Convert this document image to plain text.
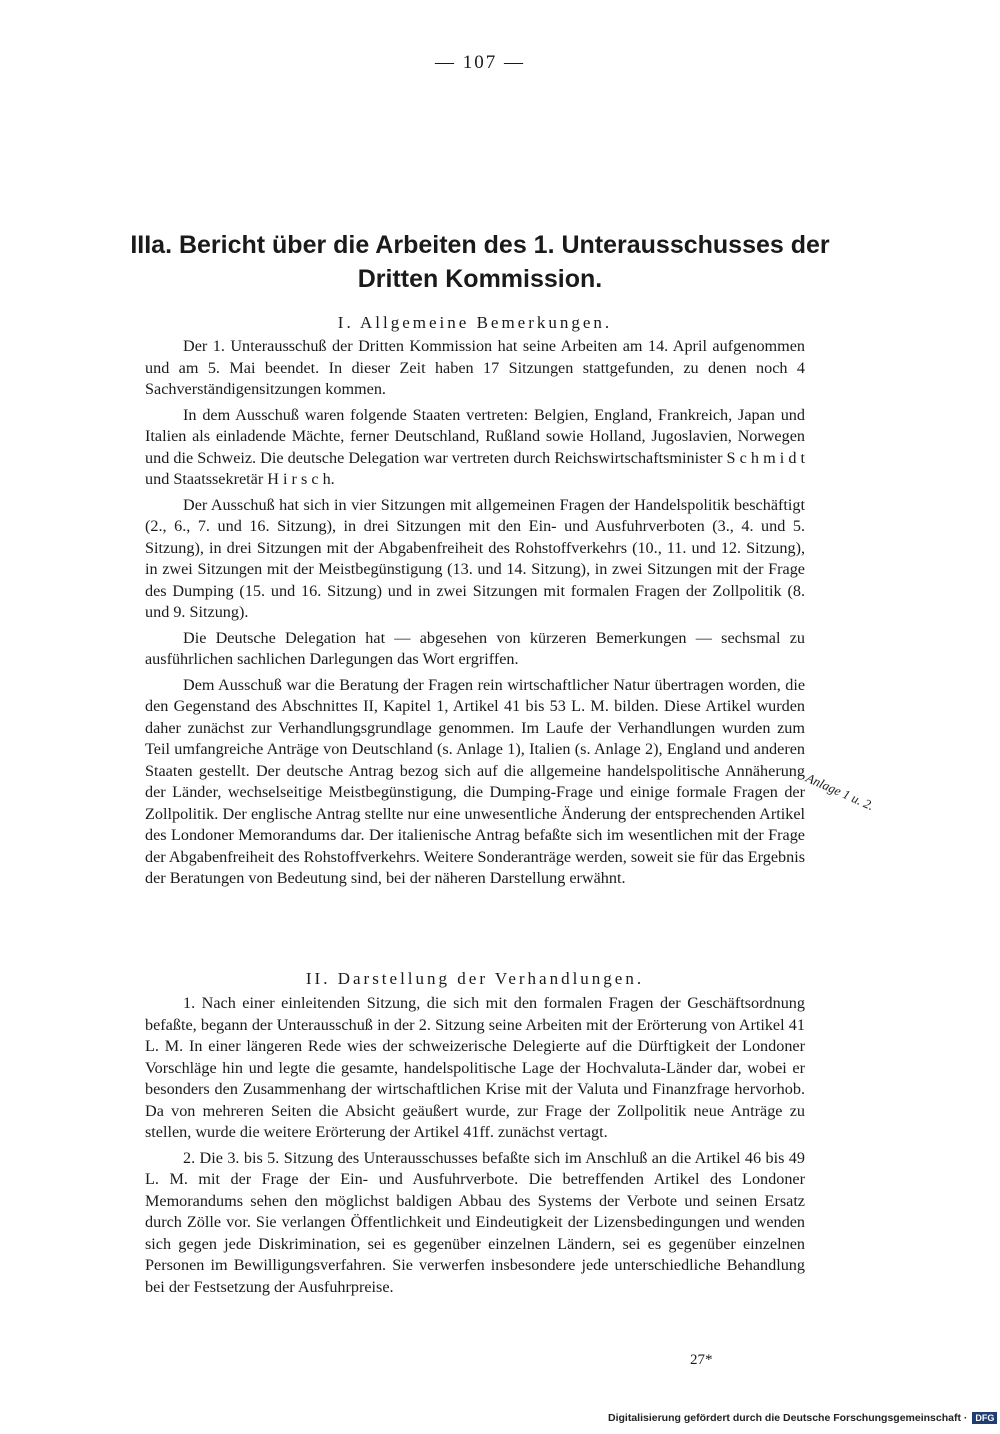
— 107 —
IIIa. Bericht über die Arbeiten des 1. Unterausschusses der
Dritten Kommission.
I. Allgemeine Bemerkungen.

Der 1. Unterausschuß der Dritten Kommission hat seine Arbeiten am 14. April aufgenommen und am 5. Mai beendet. In dieser Zeit haben 17 Sitzungen stattgefunden, zu denen noch 4 Sachverständigensitzungen kommen.

In dem Ausschuß waren folgende Staaten vertreten: Belgien, England, Frankreich, Japan und Italien als einladende Mächte, ferner Deutschland, Rußland sowie Holland, Jugoslavien, Norwegen und die Schweiz. Die deutsche Delegation war vertreten durch Reichswirtschaftsminister S c h m i d t und Staatssekretär H i r s c h.

Der Ausschuß hat sich in vier Sitzungen mit allgemeinen Fragen der Handelspolitik beschäftigt (2., 6., 7. und 16. Sitzung), in drei Sitzungen mit den Ein- und Ausfuhrverboten (3., 4. und 5. Sitzung), in drei Sitzungen mit der Abgabenfreiheit des Rohstoffverkehrs (10., 11. und 12. Sitzung), in zwei Sitzungen mit der Meistbegünstigung (13. und 14. Sitzung), in zwei Sitzungen mit der Frage des Dumping (15. und 16. Sitzung) und in zwei Sitzungen mit formalen Fragen der Zollpolitik (8. und 9. Sitzung).

Die Deutsche Delegation hat — abgesehen von kürzeren Bemerkungen — sechsmal zu ausführlichen sachlichen Darlegungen das Wort ergriffen.

Dem Ausschuß war die Beratung der Fragen rein wirtschaftlicher Natur übertragen worden, die den Gegenstand des Abschnittes II, Kapitel 1, Artikel 41 bis 53 L. M. bilden. Diese Artikel wurden daher zunächst zur Verhandlungsgrundlage genommen. Im Laufe der Verhandlungen wurden zum Teil umfangreiche Anträge von Deutschland (s. Anlage 1), Italien (s. Anlage 2), England und anderen Staaten gestellt. Der deutsche Antrag bezog sich auf die allgemeine handelspolitische Annäherung der Länder, wechselseitige Meistbegünstigung, die Dumping-Frage und einige formale Fragen der Zollpolitik. Der englische Antrag stellte nur eine unwesentliche Änderung der entsprechenden Artikel des Londoner Memorandums dar. Der italienische Antrag befaßte sich im wesentlichen mit der Frage der Abgabenfreiheit des Rohstoffverkehrs. Weitere Sonderanträge werden, soweit sie für das Ergebnis der Beratungen von Bedeutung sind, bei der näheren Darstellung erwähnt.

Anlage 1 u. 2.
II. Darstellung der Verhandlungen.

1. Nach einer einleitenden Sitzung, die sich mit den formalen Fragen der Geschäftsordnung befaßte, begann der Unterausschuß in der 2. Sitzung seine Arbeiten mit der Erörterung von Artikel 41 L. M. In einer längeren Rede wies der schweizerische Delegierte auf die Dürftigkeit der Londoner Vorschläge hin und legte die gesamte, handelspolitische Lage der Hochvaluta-Länder dar, wobei er besonders den Zusammenhang der wirtschaftlichen Krise mit der Valuta und Finanzfrage hervorhob. Da von mehreren Seiten die Absicht geäußert wurde, zur Frage der Zollpolitik neue Anträge zu stellen, wurde die weitere Erörterung der Artikel 41ff. zunächst vertagt.

2. Die 3. bis 5. Sitzung des Unterausschusses befaßte sich im Anschluß an die Artikel 46 bis 49 L. M. mit der Frage der Ein- und Ausfuhrverbote. Die betreffenden Artikel des Londoner Memorandums sehen den möglichst baldigen Abbau des Systems der Verbote und seinen Ersatz durch Zölle vor. Sie verlangen Öffentlichkeit und Eindeutigkeit der Lizensbedingungen und wenden sich gegen jede Diskrimination, sei es gegenüber einzelnen Ländern, sei es gegenüber einzelnen Personen im Bewilligungsverfahren. Sie verwerfen insbesondere jede unterschiedliche Behandlung bei der Festsetzung der Ausfuhrpreise.

27*
Digitalisierung gefördert durch die Deutsche Forschungsgemeinschaft · DFG
